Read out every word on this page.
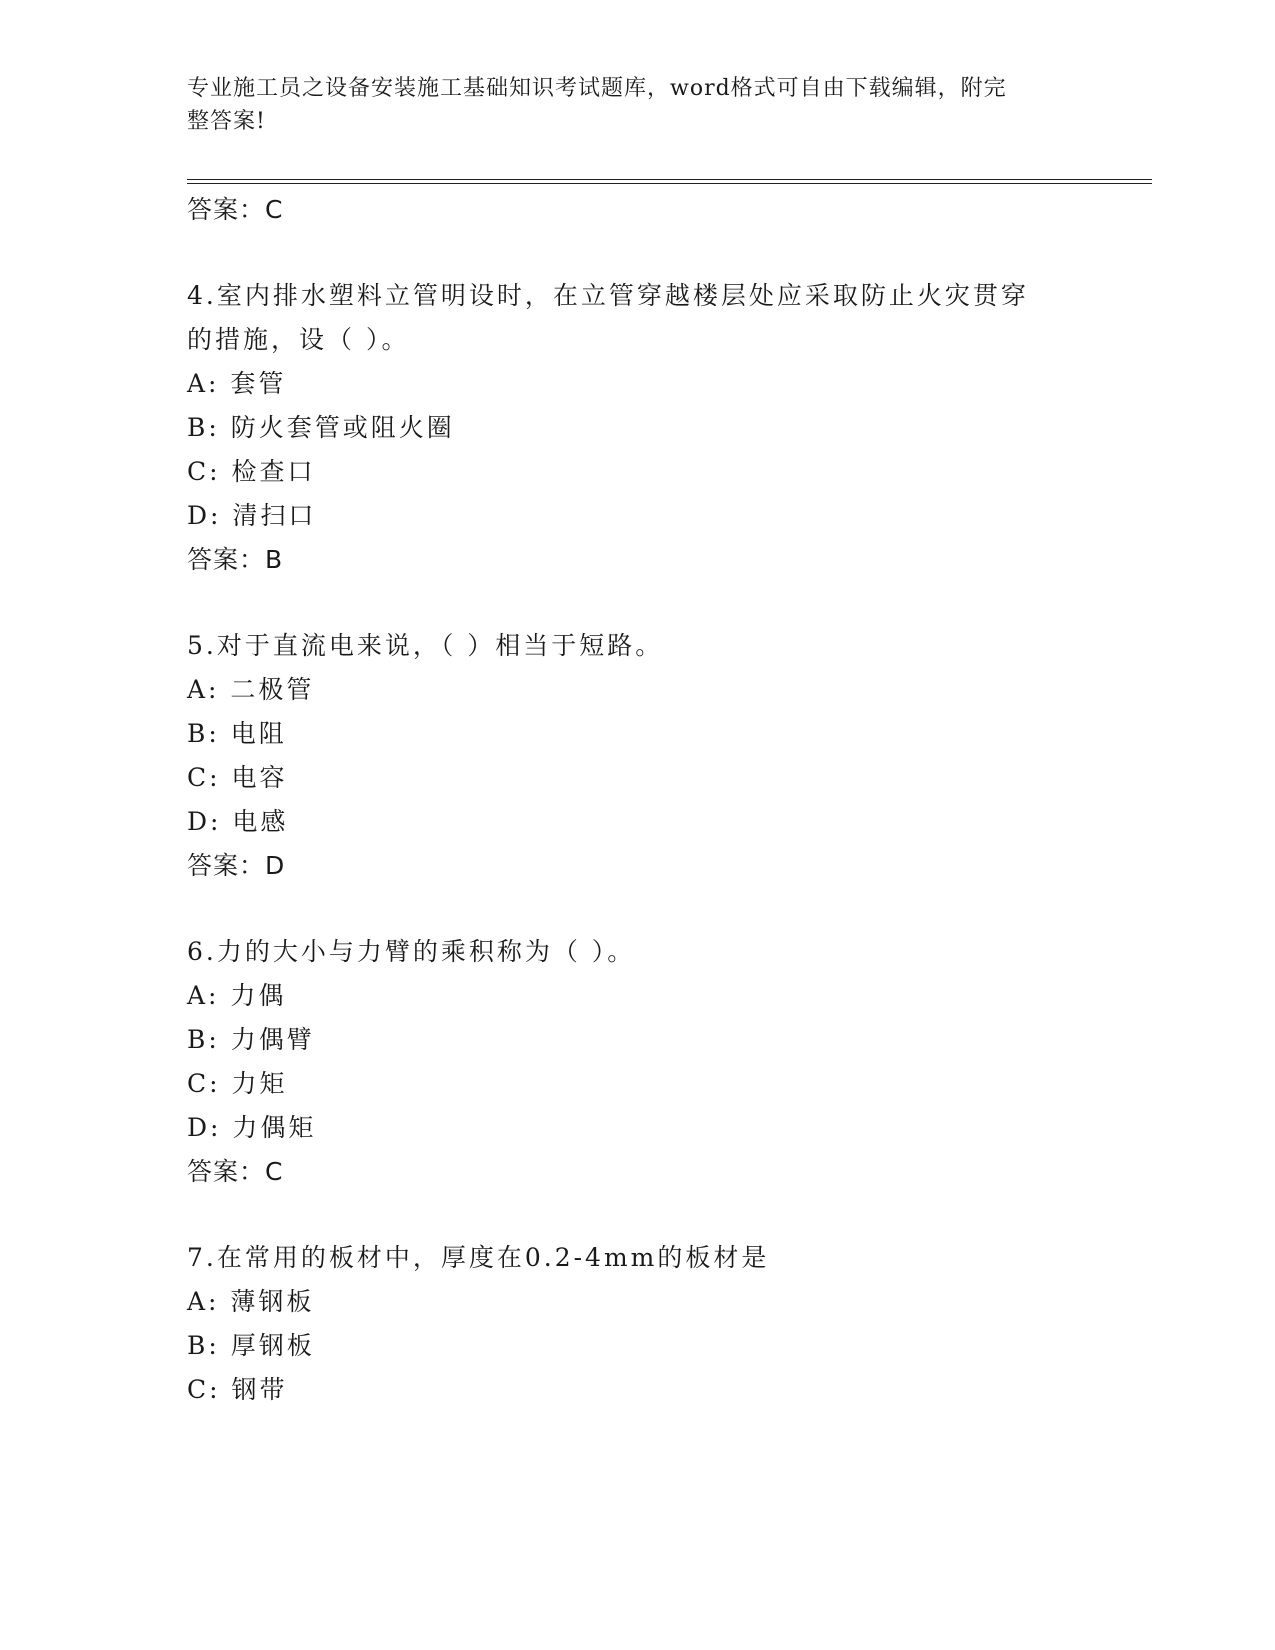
专业施工员之设备安装施工基础知识考试题库，word格式可自由下载编辑，附完
整答案!
答案：C
4.室内排水塑料立管明设时，在立管穿越楼层处应采取防止火灾贯穿
的措施，设（ ）。
A: 套管
B: 防火套管或阻火圈
C: 检查口
D: 清扫口
答案：B
5.对于直流电来说，（ ）相当于短路。
A: 二极管
B: 电阻
C: 电容
D: 电感
答案：D
6.力的大小与力臂的乘积称为（ ）。
A: 力偶
B: 力偶臂
C: 力矩
D: 力偶矩
答案：C
7.在常用的板材中，厚度在0.2-4mm的板材是
A: 薄钢板
B: 厚钢板
C: 钢带
